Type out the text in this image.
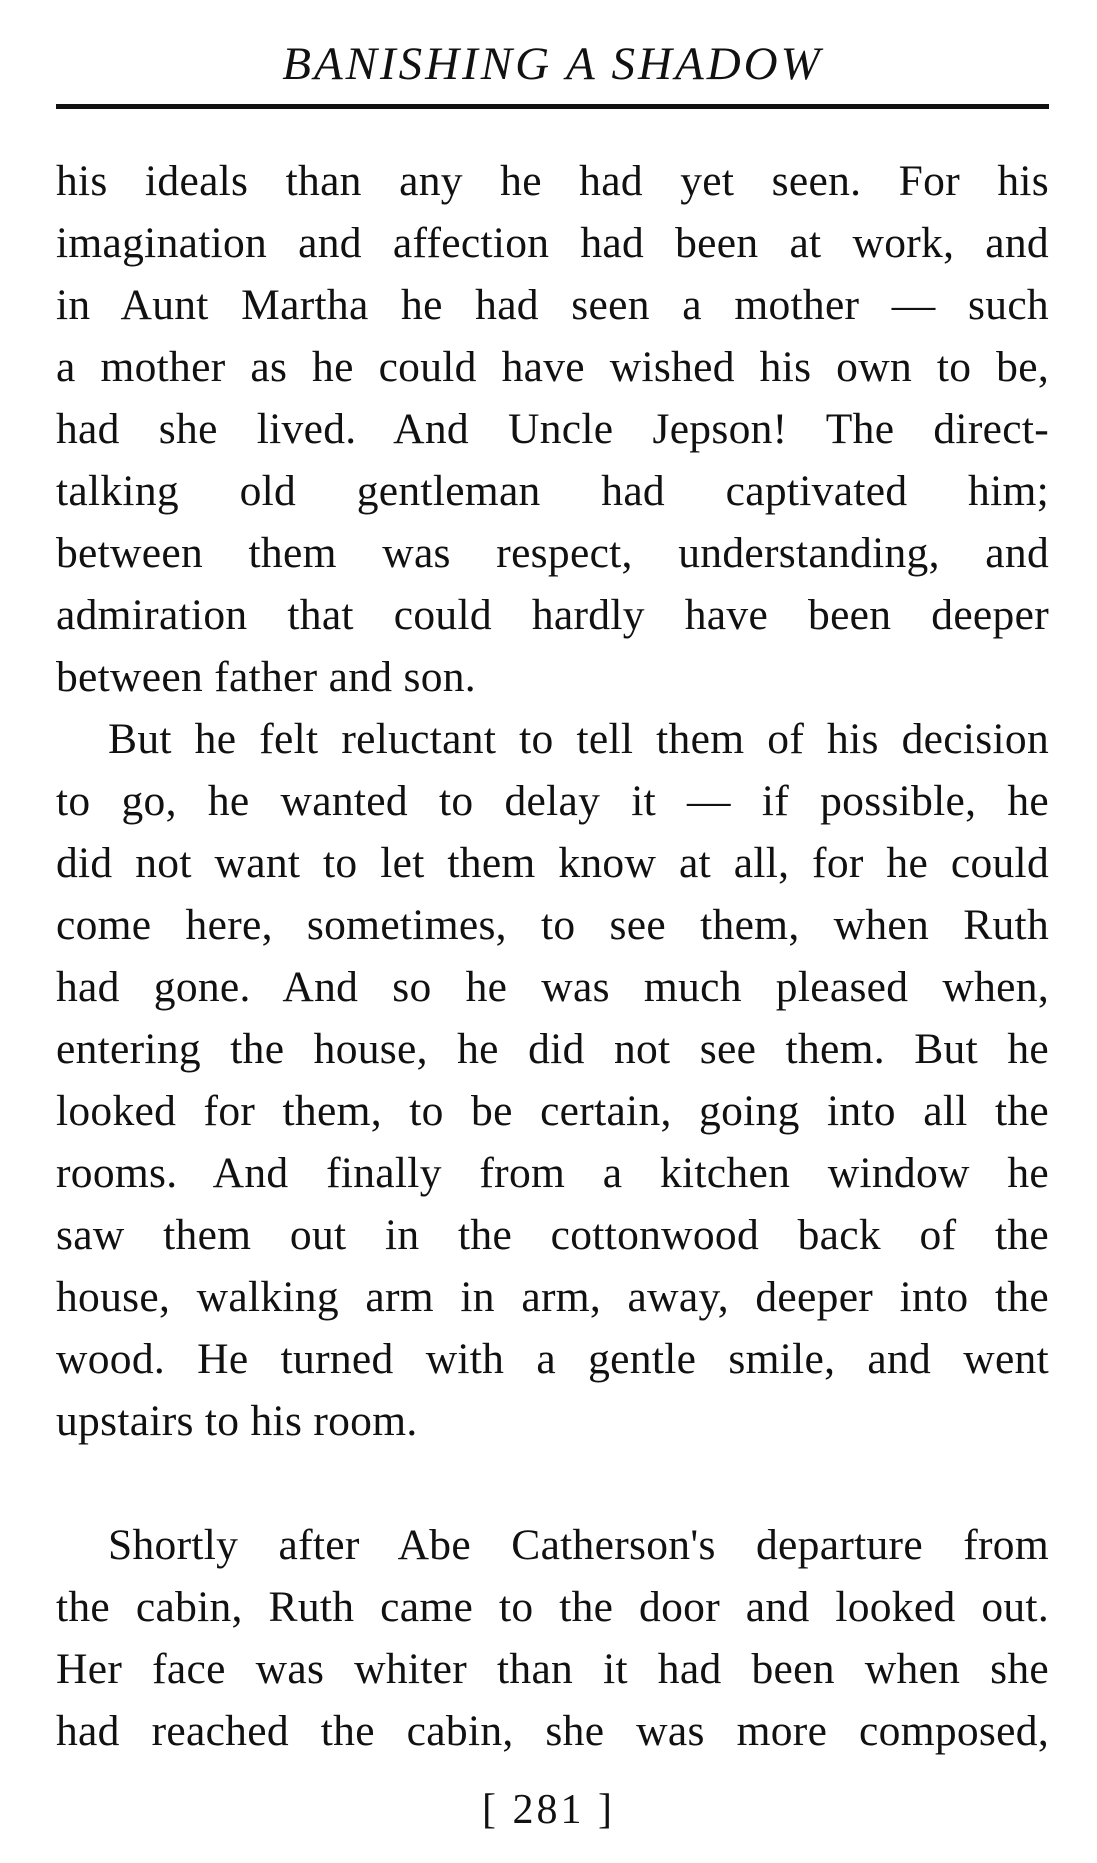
BANISHING A SHADOW
his ideals than any he had yet seen. For his
imagination and affection had been at work, and
in Aunt Martha he had seen a mother — such
a mother as he could have wished his own to be,
had she lived. And Uncle Jepson! The direct-
talking old gentleman had captivated him;
between them was respect, understanding, and
admiration that could hardly have been deeper
between father and son.
But he felt reluctant to tell them of his decision
to go, he wanted to delay it — if possible, he
did not want to let them know at all, for he could
come here, sometimes, to see them, when Ruth
had gone. And so he was much pleased when,
entering the house, he did not see them. But he
looked for them, to be certain, going into all the
rooms. And finally from a kitchen window he
saw them out in the cottonwood back of the
house, walking arm in arm, away, deeper into the
wood. He turned with a gentle smile, and went
upstairs to his room.
Shortly after Abe Catherson's departure from
the cabin, Ruth came to the door and looked out.
Her face was whiter than it had been when she
had reached the cabin, she was more composed,
[ 281 ]
